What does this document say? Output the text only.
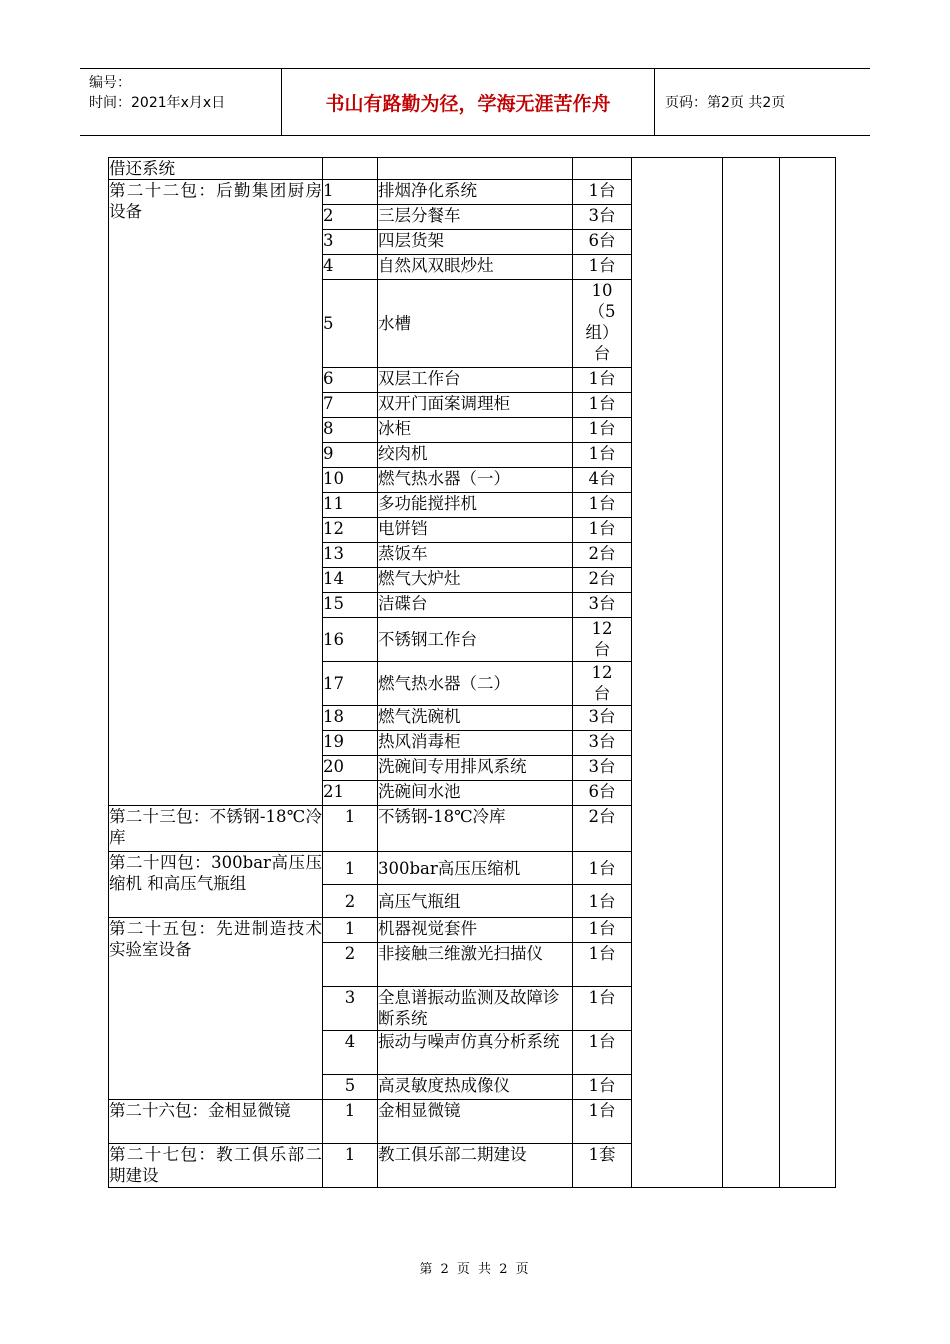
编号：
时间：2021年x月x日	书山有路勤为径，学海无涯苦作舟	页码：第2页 共2页
借还系统						
第二十二包：后勤集团厨房设备	1	排烟净化系统	1台			
	2	三层分餐车	3台			
	3	四层货架	6台			
	4	自然风双眼炒灶	1台			
	5	水槽	10（5组）台			
	6	双层工作台	1台			
	7	双开门面案调理柜	1台			
	8	冰柜	1台			
	9	绞肉机	1台			
	10	燃气热水器（一）	4台			
	11	多功能搅拌机	1台			
	12	电饼铛	1台			
	13	蒸饭车	2台			
	14	燃气大炉灶	2台			
	15	洁碟台	3台			
	16	不锈钢工作台	12台			
	17	燃气热水器（二）	12台			
	18	燃气洗碗机	3台			
	19	热风消毒柜	3台			
	20	洗碗间专用排风系统	3台			
	21	洗碗间水池	6台			
第二十三包：不锈钢-18℃冷库	1	不锈钢-18℃冷库	2台			
第二十四包：300bar高压压缩机 和高压气瓶组	1	300bar高压压缩机	1台			
	2	高压气瓶组	1台			
第二十五包：先进制造技术实验室设备	1	机器视觉套件	1台			
	2	非接触三维激光扫描仪	1台			
	3	全息谱振动监测及故障诊断系统	1台			
	4	振动与噪声仿真分析系统	1台			
	5	高灵敏度热成像仪	1台			
第二十六包：金相显微镜	1	金相显微镜	1台			
第二十七包：教工俱乐部二期建设	1	教工俱乐部二期建设	1套			
第 2 页 共 2 页
